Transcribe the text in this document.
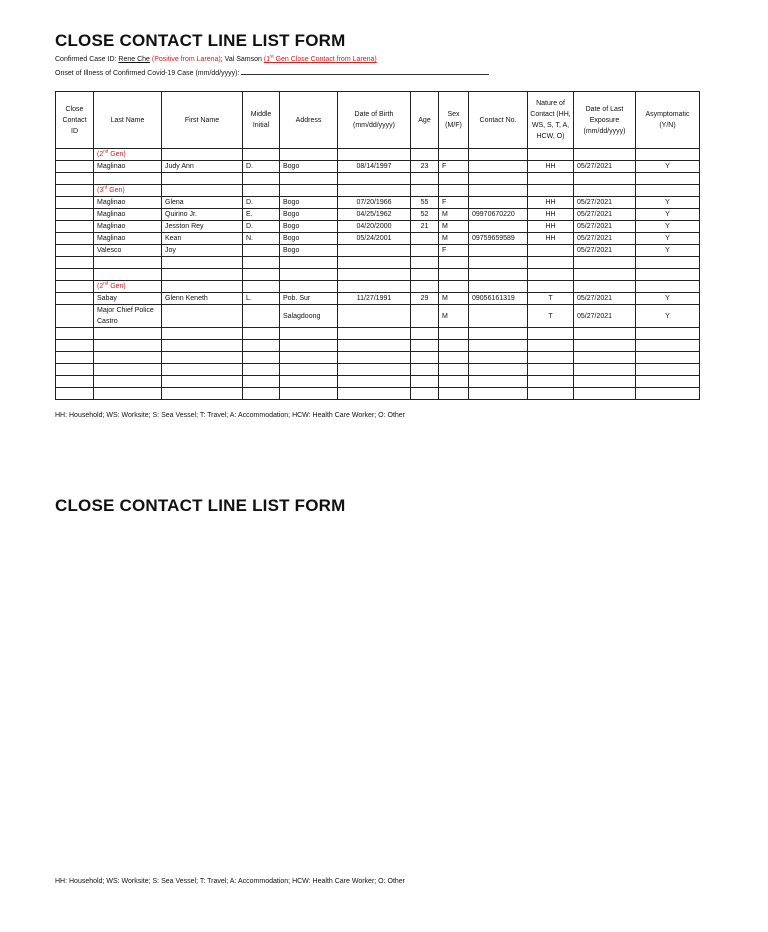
CLOSE CONTACT LINE LIST FORM
Confirmed Case ID: Rene Che (Positive from Larena); Val Samson (1st Gen Close Contact from Larena)
Onset of Illness of Confirmed Covid-19 Case (mm/dd/yyyy):
Close Contact ID	Last Name	First Name	Middle Initial	Address	Date of Birth (mm/dd/yyyy)	Age	Sex (M/F)	Contact No.	Nature of Contact (HH, WS, S, T, A, HCW, O)	Date of Last Exposure (mm/dd/yyyy)	Asymptomatic (Y/N)
	(2nd Gen)										
	Maglinao	Judy Ann	D.	Bogo	08/14/1997	23	F		HH	05/27/2021	Y

	(3rd Gen)										
	Maglinao	Glena	D.	Bogo	07/20/1966	55	F		HH	05/27/2021	Y
	Maglinao	Quirino Jr.	E.	Bogo	04/25/1962	52	M	09970670220	HH	05/27/2021	Y
	Maglinao	Jesston Rey	D.	Bogo	04/20/2000	21	M		HH	05/27/2021	Y
	Maglinao	Kean	N.	Bogo	05/24/2001		M	09759659589	HH	05/27/2021	Y
	Valesco	Joy		Bogo			F			05/27/2021	Y

	(2nd Gen)										
	Sabay	Glenn Keneth	L.	Pob. Sur	11/27/1991	29	M	09056161319	T	05/27/2021	Y
	Major Chief Police Castro			Salagdoong			M		T	05/27/2021	Y

HH: Household; WS: Worksite; S: Sea Vessel; T: Travel; A: Accommodation; HCW: Health Care Worker; O: Other
CLOSE CONTACT LINE LIST FORM
HH: Household; WS: Worksite; S: Sea Vessel; T: Travel; A: Accommodation; HCW: Health Care Worker; O: Other
